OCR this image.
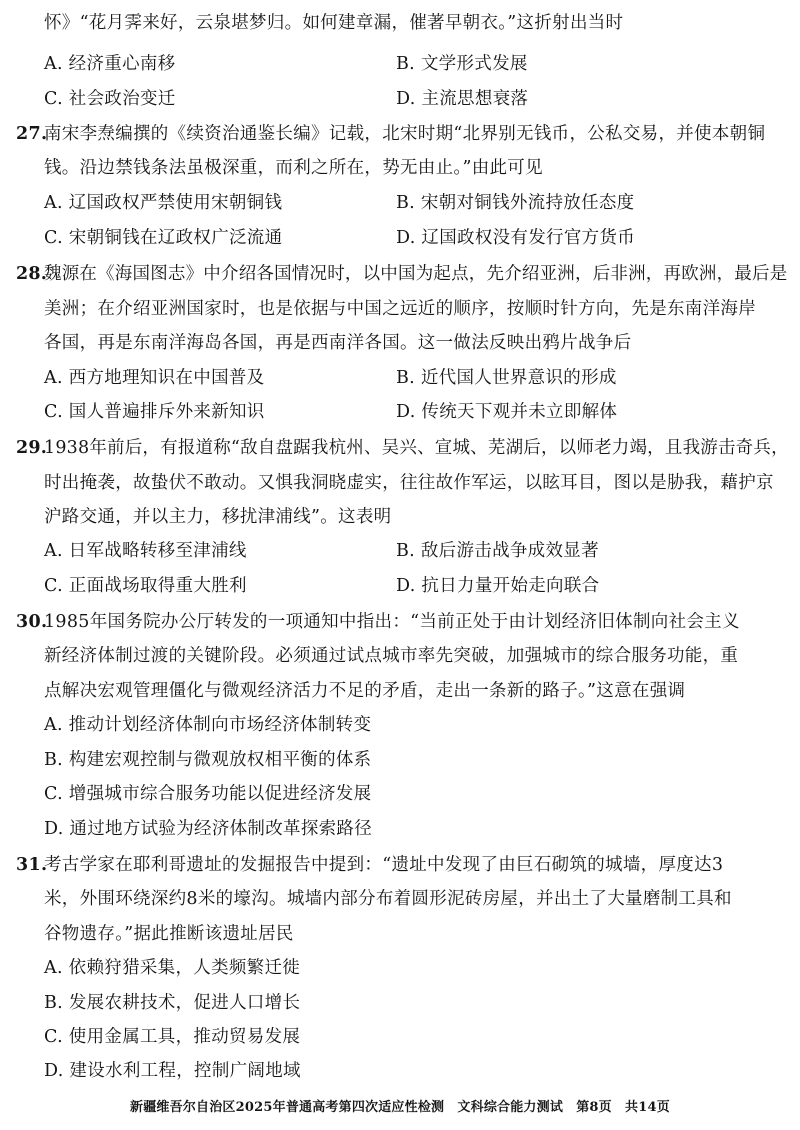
怀》“花月霁来好，云泉堪梦归。如何建章漏，催著早朝衣。”这折射出当时
A. 经济重心南移	B. 文学形式发展
C. 社会政治变迁	D. 主流思想衰落
27.南宋李焘编撰的《续资治通鉴长编》记载，北宋时期“北界别无钱币，公私交易，并使本朝铜
钱。沿边禁钱条法虽极深重，而利之所在，势无由止。”由此可见
A. 辽国政权严禁使用宋朝铜钱	B. 宋朝对铜钱外流持放任态度
C. 宋朝铜钱在辽政权广泛流通	D. 辽国政权没有发行官方货币
28.魏源在《海国图志》中介绍各国情况时，以中国为起点，先介绍亚洲，后非洲，再欧洲，最后是
美洲；在介绍亚洲国家时，也是依据与中国之远近的顺序，按顺时针方向，先是东南洋海岸
各国，再是东南洋海岛各国，再是西南洋各国。这一做法反映出鸦片战争后
A. 西方地理知识在中国普及	B. 近代国人世界意识的形成
C. 国人普遍排斥外来新知识	D. 传统天下观并未立即解体
29.1938年前后，有报道称“敌自盘踞我杭州、吴兴、宣城、芜湖后，以师老力竭，且我游击奇兵，
时出掩袭，故蛰伏不敢动。又惧我洞晓虚实，往往故作军运，以眩耳目，图以是胁我，藉护京
沪路交通，并以主力，移扰津浦线”。这表明
A. 日军战略转移至津浦线	B. 敌后游击战争成效显著
C. 正面战场取得重大胜利	D. 抗日力量开始走向联合
30.1985年国务院办公厅转发的一项通知中指出：“当前正处于由计划经济旧体制向社会主义
新经济体制过渡的关键阶段。必须通过试点城市率先突破，加强城市的综合服务功能，重
点解决宏观管理僵化与微观经济活力不足的矛盾，走出一条新的路子。”这意在强调
A. 推动计划经济体制向市场经济体制转变
B. 构建宏观控制与微观放权相平衡的体系
C. 增强城市综合服务功能以促进经济发展
D. 通过地方试验为经济体制改革探索路径
31.考古学家在耶利哥遗址的发掘报告中提到：“遗址中发现了由巨石砌筑的城墙，厚度达3
米，外围环绕深约8米的壕沟。城墙内部分布着圆形泥砖房屋，并出土了大量磨制工具和
谷物遗存。”据此推断该遗址居民
A. 依赖狩猎采集，人类频繁迁徙
B. 发展农耕技术，促进人口增长
C. 使用金属工具，推动贸易发展
D. 建设水利工程，控制广阔地域
新疆维吾尔自治区2025年普通高考第四次适应性检测　文科综合能力测试　第8页　共14页
